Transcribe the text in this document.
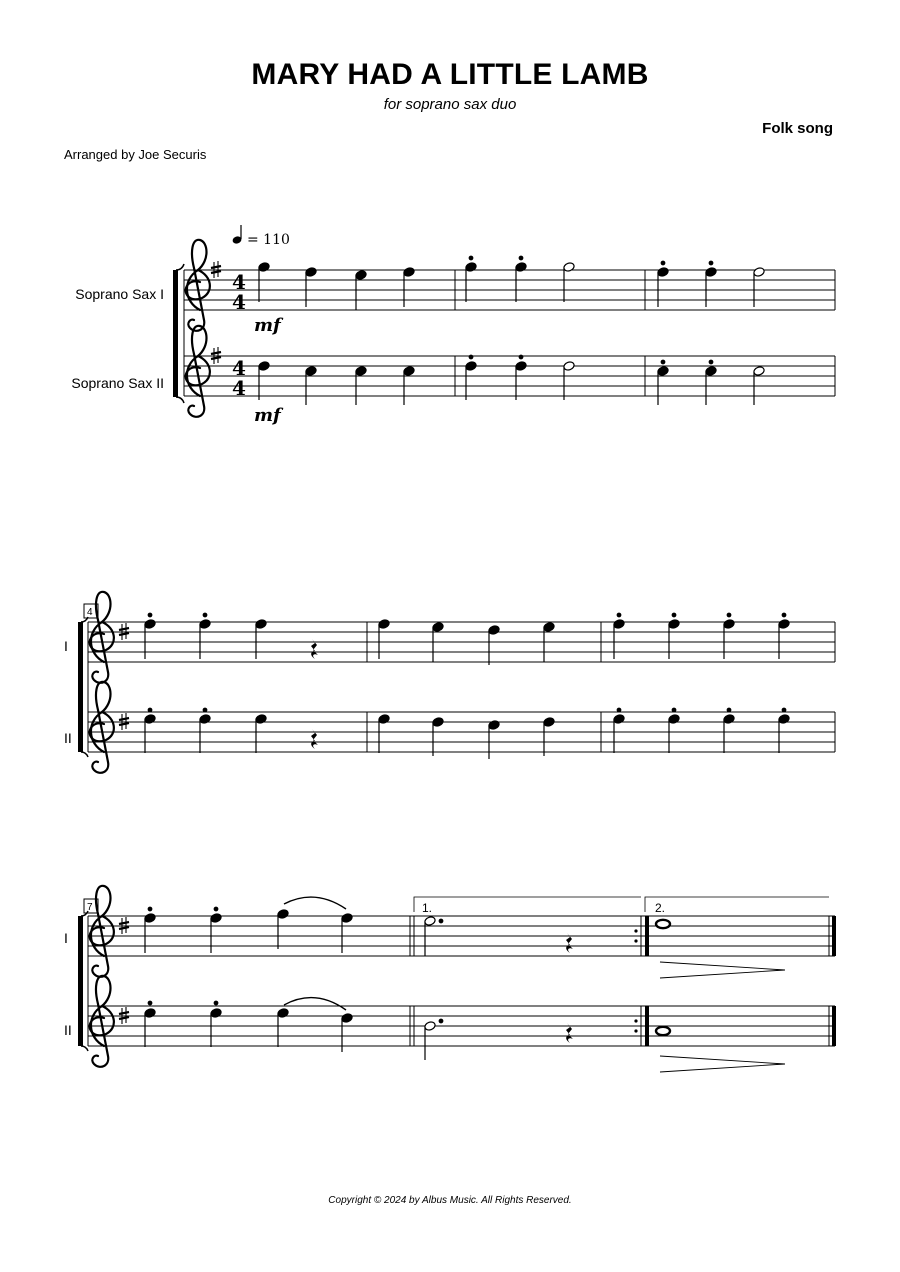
MARY HAD A LITTLE LAMB
for soprano sax duo
Folk song
Arranged by Joe Securis
Soprano Sax I
Soprano Sax II
I
II
I
II
= 110
4
4
4
4
mf
mf
4
7	1.	2.
Copyright © 2024 by Albus Music. All Rights Reserved.
